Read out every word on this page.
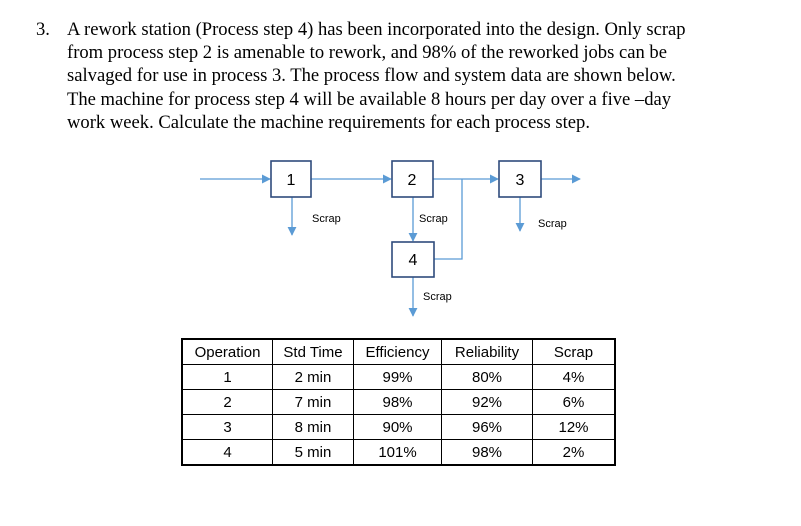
3. A rework station (Process step 4) has been incorporated into the design. Only scrap
from process step 2 is amenable to rework, and 98% of the reworked jobs can be
salvaged for use in process 3. The process flow and system data are shown below.
The machine for process step 4 will be available 8 hours per day over a five –day
work week. Calculate the machine requirements for each process step.
1	2	3
4
Scrap	Scrap	Scrap
Scrap
Operation	Std Time	Efficiency	Reliability	Scrap
1	2 min	99%	80%	4%
2	7 min	98%	92%	6%
3	8 min	90%	96%	12%
4	5 min	101%	98%	2%
